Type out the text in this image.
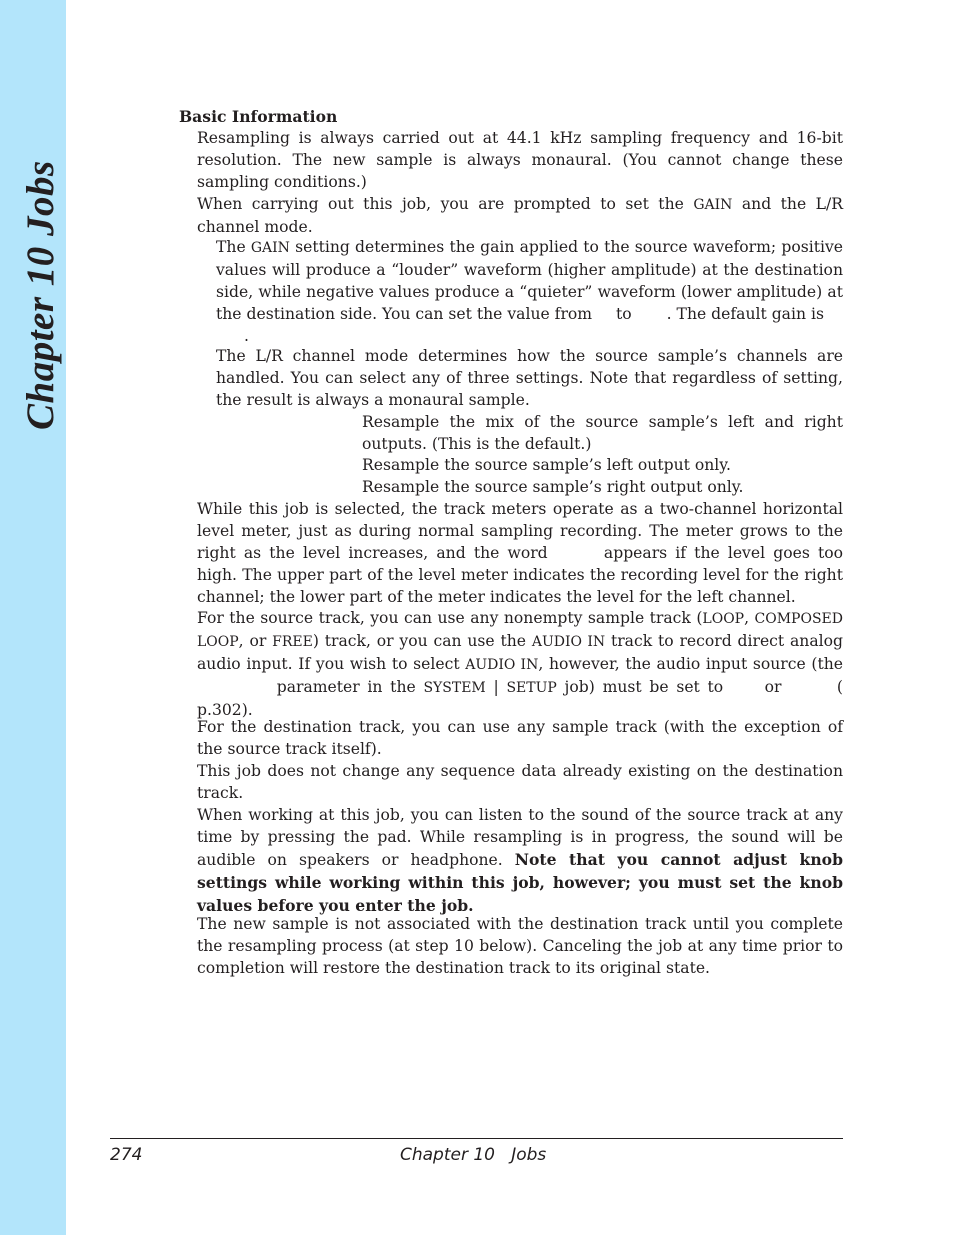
Chapter 10 Jobs
Basic Information

Resampling is always carried out at 44.1 kHz sampling frequency and 16-bit resolution. The new sample is always monaural. (You cannot change these sampling conditions.)

When carrying out this job, you are prompted to set the GAIN and the L/R channel mode.

The GAIN setting determines the gain applied to the source waveform; positive values will produce a “louder” waveform (higher amplitude) at the destination side, while negative values produce a “quieter” waveform (lower amplitude) at the destination side. You can set the value from  to . The default gain is
.

The L/R channel mode determines how the source sample’s channels are handled. You can select any of three settings. Note that regardless of setting, the result is always a monaural sample.

Resample the mix of the source sample’s left and right outputs. (This is the default.)

Resample the source sample’s left output only.

Resample the source sample’s right output only.

While this job is selected, the track meters operate as a two-channel horizontal level meter, just as during normal sampling recording. The meter grows to the right as the level increases, and the word	appears if the level goes too high. The upper part of the level meter indicates the recording level for the right channel; the lower part of the meter indicates the level for the left channel.

For the source track, you can use any nonempty sample track (LOOP, COMPOSED LOOP, or FREE) track, or you can use the AUDIO IN track to record direct analog audio input. If you wish to select AUDIO IN, however, the audio input source (the  parameter in the SYSTEM | SETUP job) must be set to  or	( p.302).

For the destination track, you can use any sample track (with the exception of the source track itself).

This job does not change any sequence data already existing on the destination track.

When working at this job, you can listen to the sound of the source track at any time by pressing the pad. While resampling is in progress, the sound will be audible on speakers or headphone. Note that you cannot adjust knob settings while working within this job, however; you must set the knob values before you enter the job.

The new sample is not associated with the destination track until you complete the resampling process (at step 10 below). Canceling the job at any time prior to completion will restore the destination track to its original state.

274	Chapter 10   Jobs
